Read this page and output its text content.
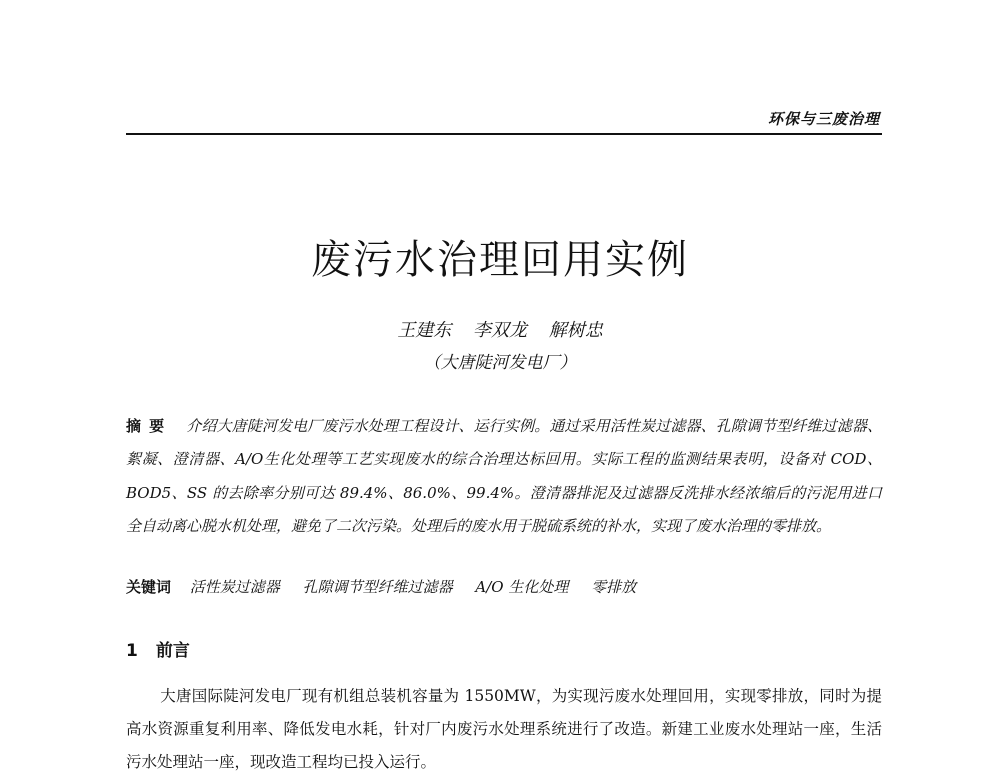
环保与三废治理
废污水治理回用实例
王建东 李双龙 解树忠
（大唐陡河发电厂）
摘要 介绍大唐陡河发电厂废污水处理工程设计、运行实例。通过采用活性炭过滤器、孔隙调节型纤维过滤器、絮凝、澄清器、A/O生化处理等工艺实现废水的综合治理达标回用。实际工程的监测结果表明，设备对 COD、BOD5、SS 的去除率分别可达 89.4%、86.0%、99.4%。澄清器排泥及过滤器反洗排水经浓缩后的污泥用进口全自动离心脱水机处理，避免了二次污染。处理后的废水用于脱硫系统的补水，实现了废水治理的零排放。
关键词 活性炭过滤器 孔隙调节型纤维过滤器 A/O 生化处理 零排放
1 前言
大唐国际陡河发电厂现有机组总装机容量为 1550MW，为实现污废水处理回用，实现零排放，同时为提高水资源重复利用率、降低发电水耗，针对厂内废污水处理系统进行了改造。新建工业废水处理站一座，生活污水处理站一座，现改造工程均已投入运行。
